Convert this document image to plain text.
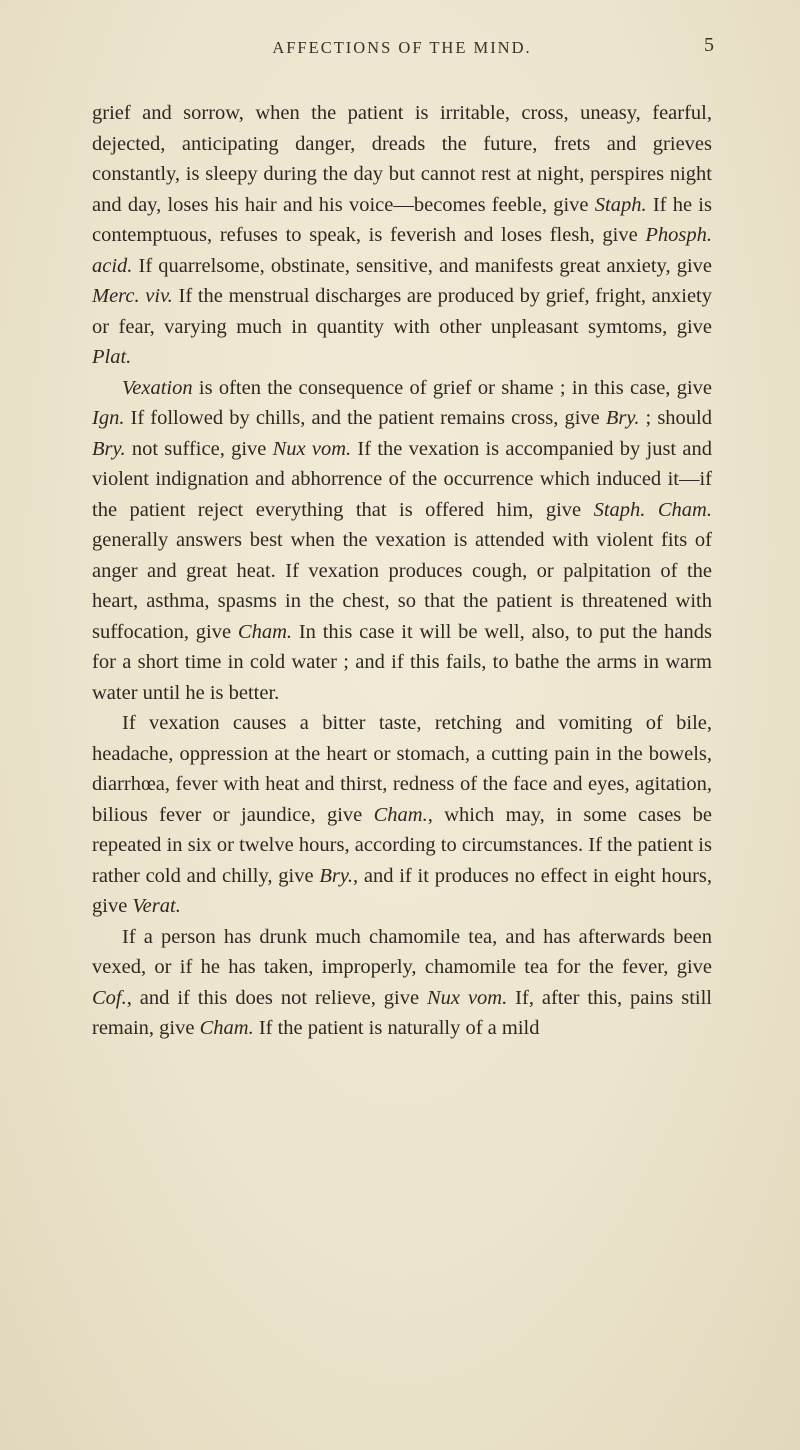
AFFECTIONS OF THE MIND.	5

grief and sorrow, when the patient is irritable, cross, uneasy, fearful, dejected, anticipating danger, dreads the future, frets and grieves constantly, is sleepy during the day but cannot rest at night, perspires night and day, loses his hair and his voice—becomes feeble, give Staph. If he is contemptuous, refuses to speak, is feverish and loses flesh, give Phosph. acid. If quarrelsome, obstinate, sensitive, and manifests great anxiety, give Merc. viv. If the menstrual discharges are produced by grief, fright, anxiety or fear, varying much in quantity with other unpleasant symtoms, give Plat.

Vexation is often the consequence of grief or shame ; in this case, give Ign. If followed by chills, and the patient remains cross, give Bry. ; should Bry. not suffice, give Nux vom. If the vexation is accompanied by just and violent indignation and abhorrence of the occurrence which induced it—if the patient reject everything that is offered him, give Staph. Cham. generally answers best when the vexation is attended with violent fits of anger and great heat. If vexation produces cough, or palpitation of the heart, asthma, spasms in the chest, so that the patient is threatened with suffocation, give Cham. In this case it will be well, also, to put the hands for a short time in cold water ; and if this fails, to bathe the arms in warm water until he is better.

If vexation causes a bitter taste, retching and vomiting of bile, headache, oppression at the heart or stomach, a cutting pain in the bowels, diarrhœa, fever with heat and thirst, redness of the face and eyes, agitation, bilious fever or jaundice, give Cham., which may, in some cases be repeated in six or twelve hours, according to circumstances. If the patient is rather cold and chilly, give Bry., and if it produces no effect in eight hours, give Verat.

If a person has drunk much chamomile tea, and has afterwards been vexed, or if he has taken, improperly, chamomile tea for the fever, give Cof., and if this does not relieve, give Nux vom. If, after this, pains still remain, give Cham. If the patient is naturally of a mild
